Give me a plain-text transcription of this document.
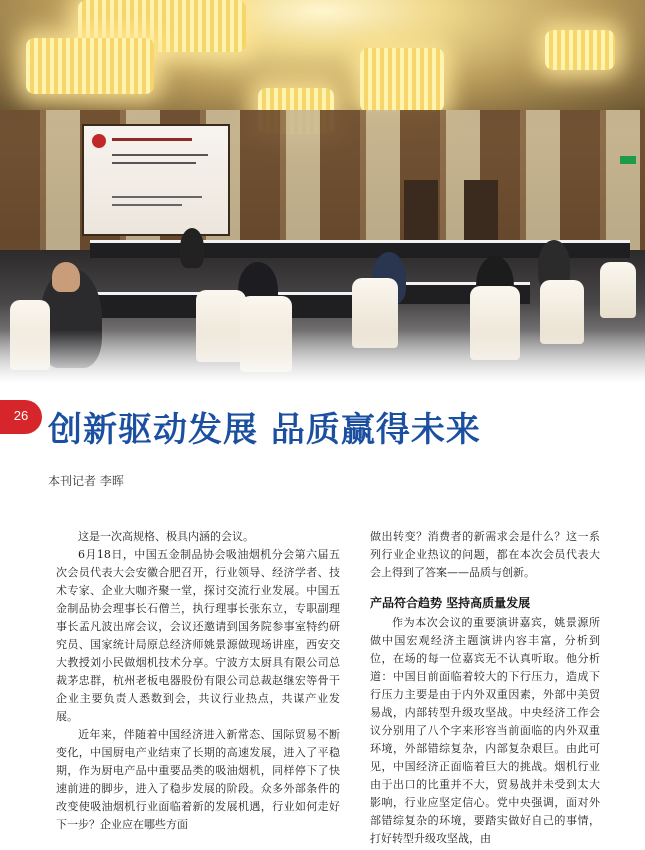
26 创新驱动发展 品质赢得未来
本刊记者 李晖

这是一次高规格、极具内涵的会议。

6月18日，中国五金制品协会吸油烟机分会第六届五次会员代表大会安徽合肥召开，行业领导、经济学者、技术专家、企业大咖齐聚一堂，探讨交流行业发展。中国五金制品协会理事长石僧兰，执行理事长张东立，专职副理事长孟凡波出席会议，会议还邀请到国务院参事室特约研究员、国家统计局原总经济师姚景源做现场讲座，西安交大教授刘小民做烟机技术分享。宁波方太厨具有限公司总裁茅忠群，杭州老板电器股份有限公司总裁赵继宏等骨干企业主要负责人悉数到会，共议行业热点，共谋产业发展。

近年来，伴随着中国经济进入新常态、国际贸易不断变化，中国厨电产业结束了长期的高速发展，进入了平稳期，作为厨电产品中重要品类的吸油烟机，同样停下了快速前进的脚步，进入了稳步发展的阶段。众多外部条件的改变使吸油烟机行业面临着新的发展机遇，行业如何走好下一步？企业应在哪些方面

做出转变？消费者的新需求会是什么？这一系列行业企业热议的问题，都在本次会员代表大会上得到了答案——品质与创新。

产品符合趋势 坚持高质量发展

作为本次会议的重要演讲嘉宾，姚景源所做中国宏观经济主题演讲内容丰富，分析到位，在场的每一位嘉宾无不认真听取。他分析道：中国目前面临着较大的下行压力，造成下行压力主要是由于内外双重因素，外部中美贸易战，内部转型升级攻坚战。中央经济工作会议分别用了八个字来形容当前面临的内外双重环境，外部错综复杂，内部复杂艰巨。由此可见，中国经济正面临着巨大的挑战。烟机行业由于出口的比重并不大，贸易战并未受到太大影响，行业应坚定信心。党中央强调，面对外部错综复杂的环境，要踏实做好自己的事情，打好转型升级攻坚战，由
